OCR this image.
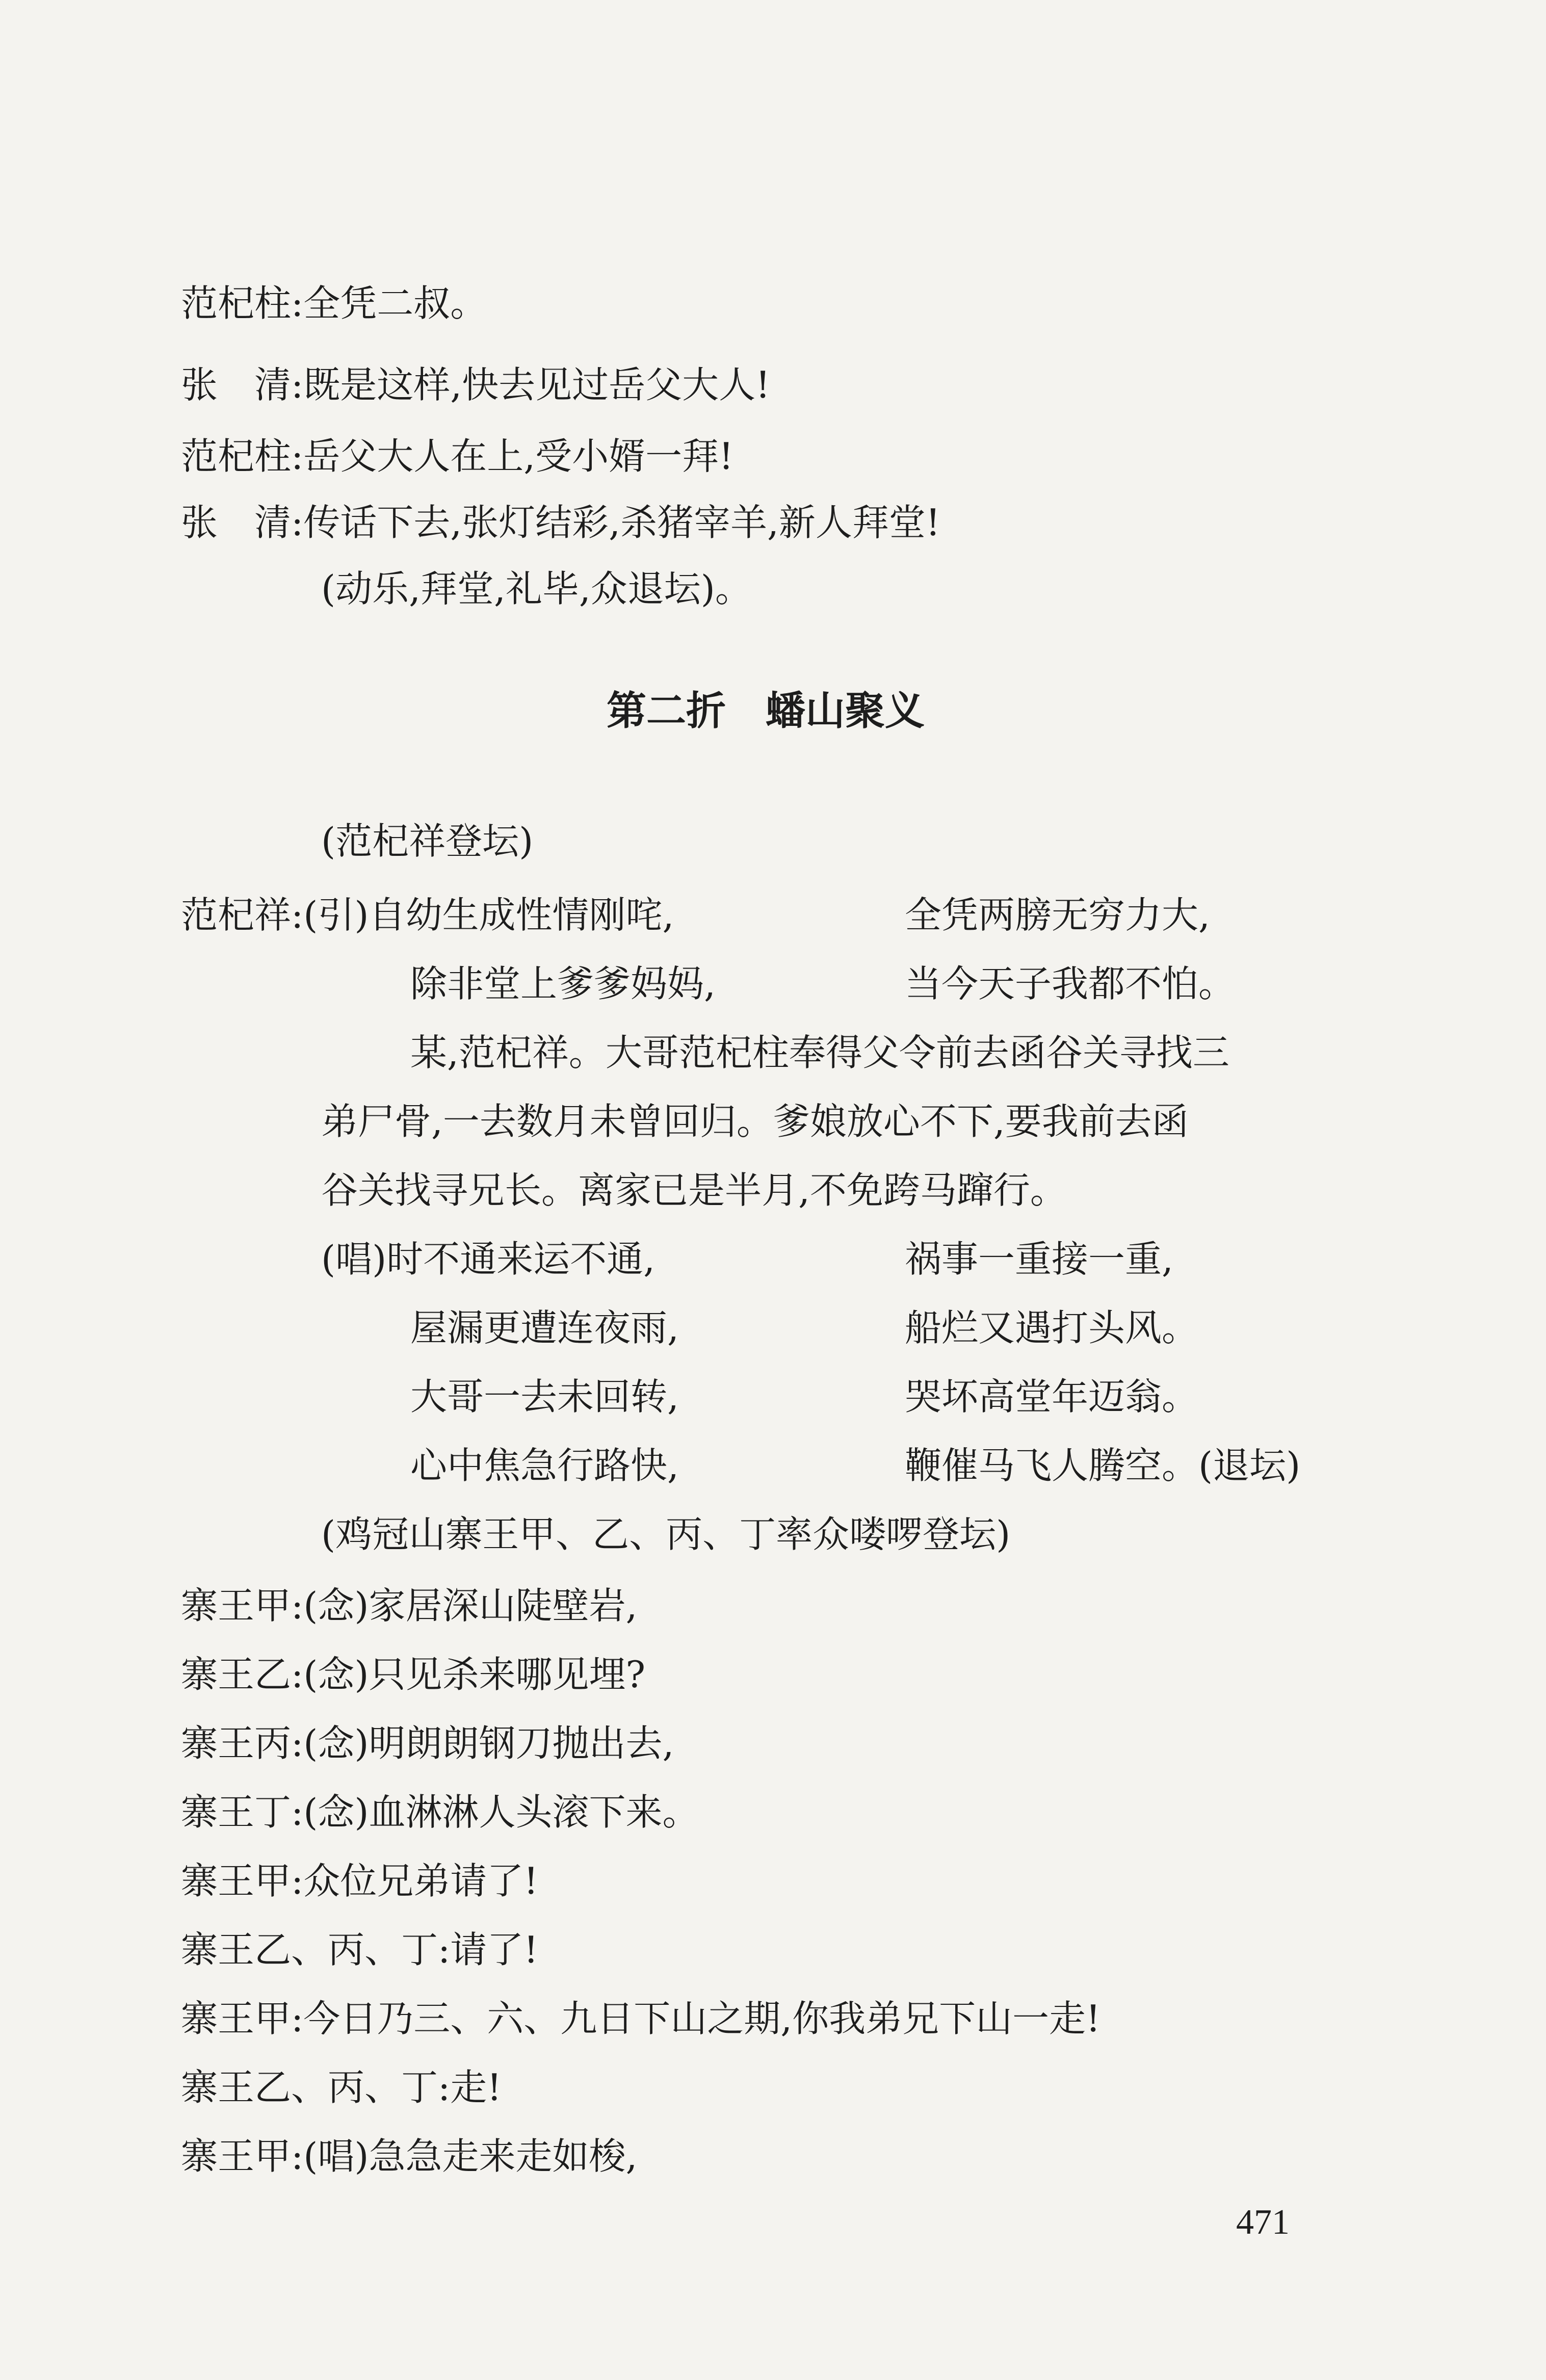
范杞柱:全凭二叔。
张　清:既是这样,快去见过岳父大人!
范杞柱:岳父大人在上,受小婿一拜!
张　清:传话下去,张灯结彩,杀猪宰羊,新人拜堂!
(动乐,拜堂,礼毕,众退坛)。
第二折　蟠山聚义
(范杞祥登坛)
范杞祥:(引)自幼生成性情刚咤,	全凭两膀无穷力大,
除非堂上爹爹妈妈,	当今天子我都不怕。
某,范杞祥。大哥范杞柱奉得父令前去函谷关寻找三
弟尸骨,一去数月未曾回归。爹娘放心不下,要我前去函
谷关找寻兄长。离家已是半月,不免跨马蹿行。
(唱)时不通来运不通,	祸事一重接一重,
屋漏更遭连夜雨,	船烂又遇打头风。
大哥一去未回转,	哭坏高堂年迈翁。
心中焦急行路快,	鞭催马飞人腾空。(退坛)
(鸡冠山寨王甲、乙、丙、丁率众喽啰登坛)
寨王甲:(念)家居深山陡壁岩,
寨王乙:(念)只见杀来哪见埋?
寨王丙:(念)明朗朗钢刀抛出去,
寨王丁:(念)血淋淋人头滚下来。
寨王甲:众位兄弟请了!
寨王乙、丙、丁:请了!
寨王甲:今日乃三、六、九日下山之期,你我弟兄下山一走!
寨王乙、丙、丁:走!
寨王甲:(唱)急急走来走如梭,
471
